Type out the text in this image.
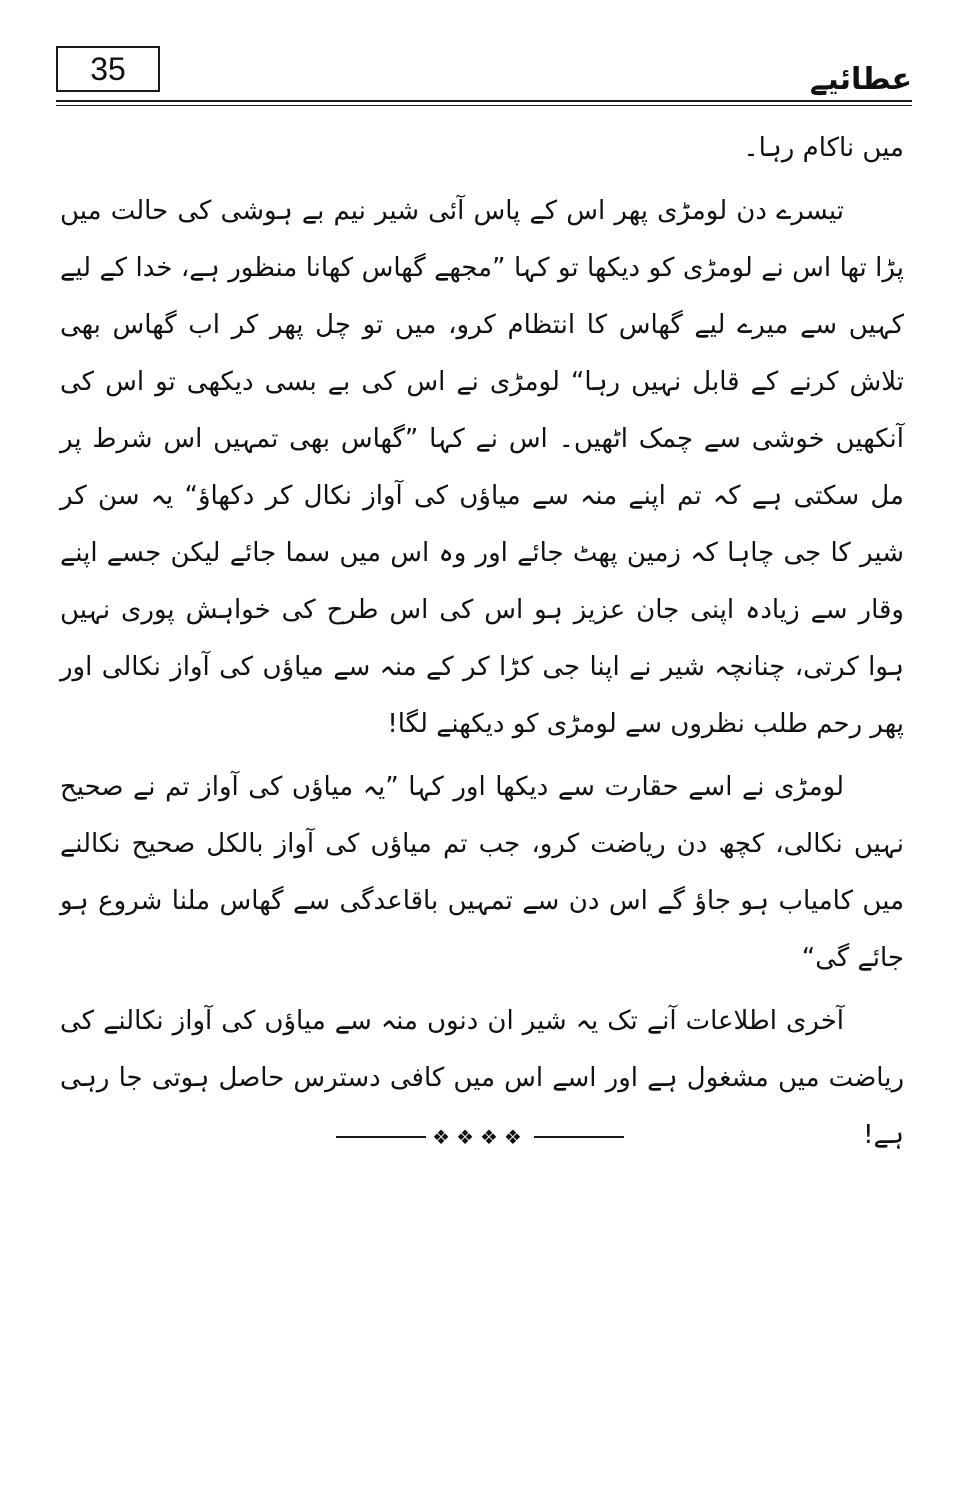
35	عطائیے

میں ناکام رہا۔

تیسرے دن لومڑی پھر اس کے پاس آئی شیر نیم بے ہوشی کی حالت میں پڑا تھا اس نے لومڑی کو دیکھا تو کہا ”مجھے گھاس کھانا منظور ہے، خدا کے لیے کہیں سے میرے لیے گھاس کا انتظام کرو، میں تو چل پھر کر اب گھاس بھی تلاش کرنے کے قابل نہیں رہا“ لومڑی نے اس کی بے بسی دیکھی تو اس کی آنکھیں خوشی سے چمک اٹھیں۔ اس نے کہا ”گھاس بھی تمہیں اس شرط پر مل سکتی ہے کہ تم اپنے منہ سے میاؤں کی آواز نکال کر دکھاؤ“ یہ سن کر شیر کا جی چاہا کہ زمین پھٹ جائے اور وہ اس میں سما جائے لیکن جسے اپنے وقار سے زیادہ اپنی جان عزیز ہو اس کی اس طرح کی خواہش پوری نہیں ہوا کرتی، چنانچہ شیر نے اپنا جی کڑا کر کے منہ سے میاؤں کی آواز نکالی اور پھر رحم طلب نظروں سے لومڑی کو دیکھنے لگا!

لومڑی نے اسے حقارت سے دیکھا اور کہا ”یہ میاؤں کی آواز تم نے صحیح نہیں نکالی، کچھ دن ریاضت کرو، جب تم میاؤں کی آواز بالکل صحیح نکالنے میں کامیاب ہو جاؤ گے اس دن سے تمہیں باقاعدگی سے گھاس ملنا شروع ہو جائے گی“

آخری اطلاعات آنے تک یہ شیر ان دنوں منہ سے میاؤں کی آواز نکالنے کی ریاضت میں مشغول ہے اور اسے اس میں کافی دسترس حاصل ہوتی جا رہی ہے!

❖❖❖❖
